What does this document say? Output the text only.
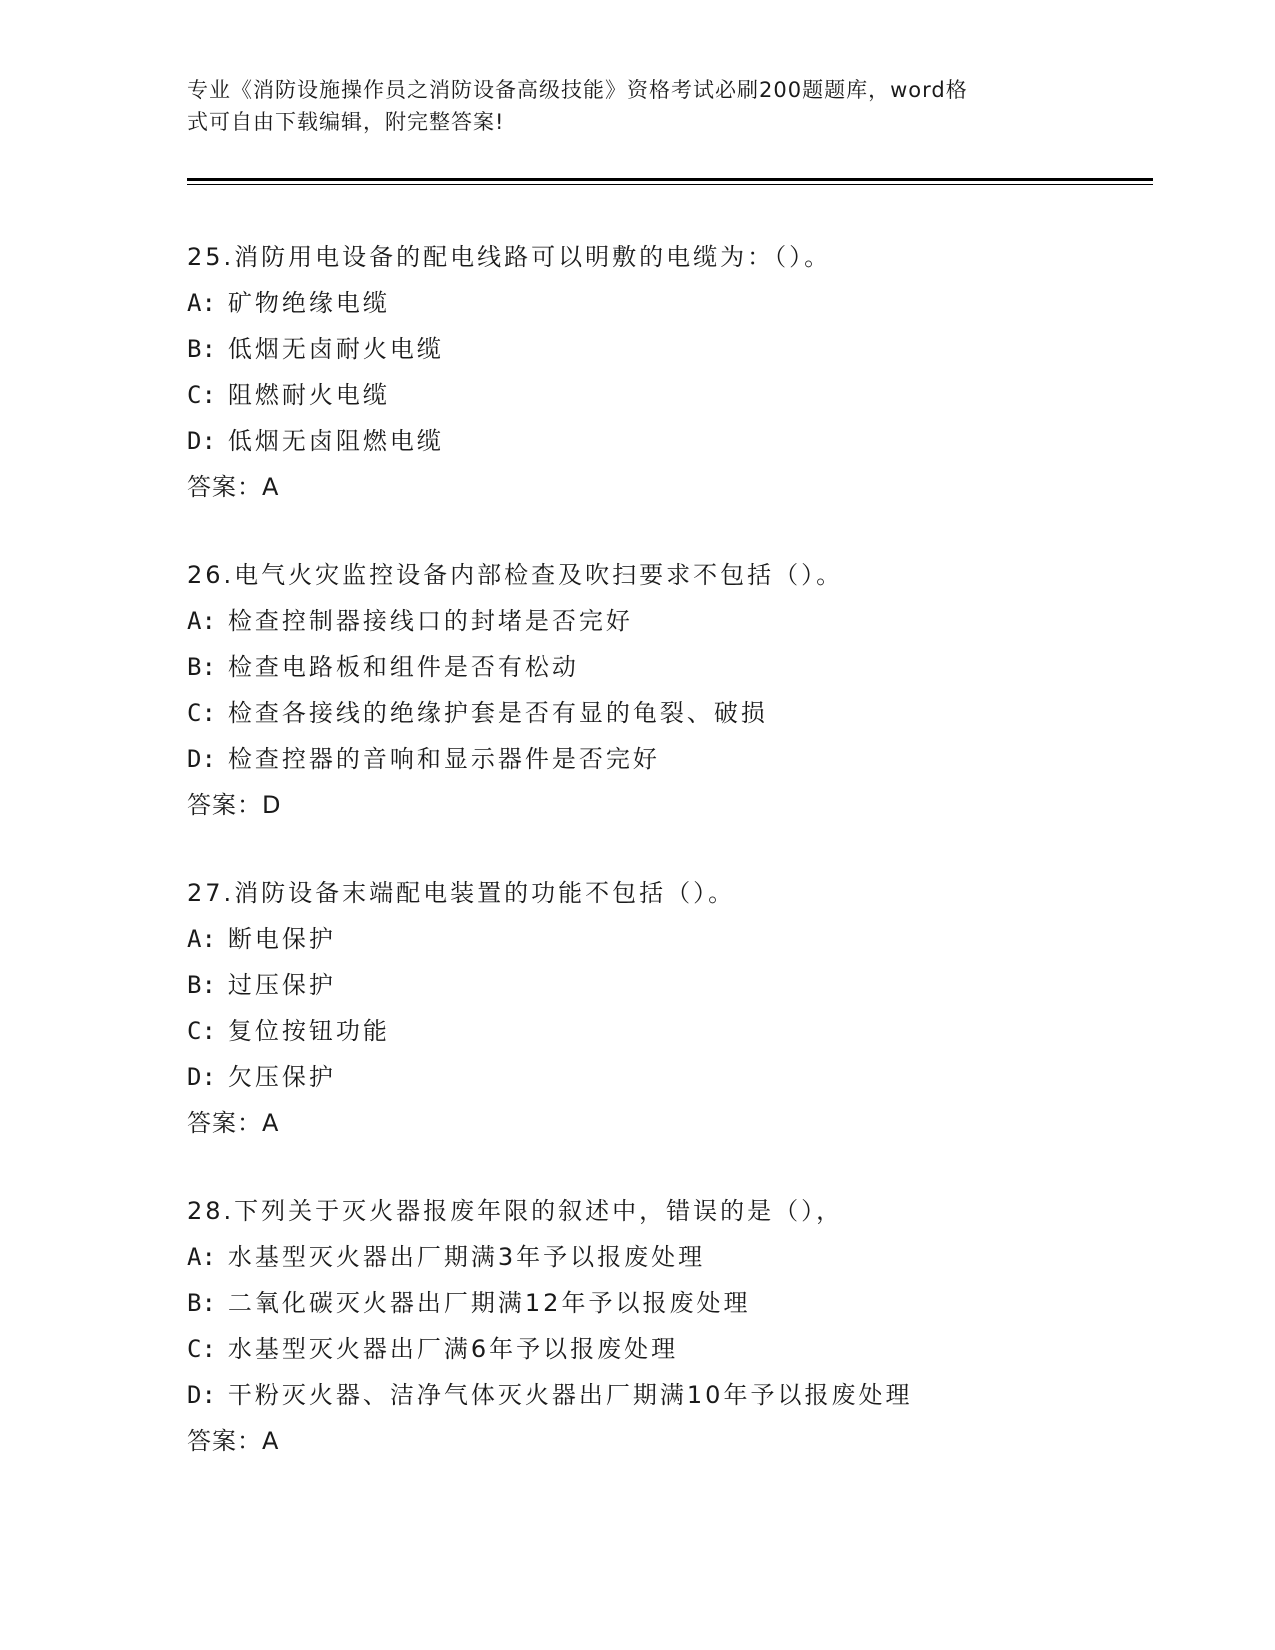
专业《消防设施操作员之消防设备高级技能》资格考试必刷200题题库，word格
式可自由下载编辑，附完整答案!
25.消防用电设备的配电线路可以明敷的电缆为：（）。
A: 矿物绝缘电缆
B: 低烟无卤耐火电缆
C: 阻燃耐火电缆
D: 低烟无卤阻燃电缆
答案：A
26.电气火灾监控设备内部检查及吹扫要求不包括（）。
A: 检查控制器接线口的封堵是否完好
B: 检查电路板和组件是否有松动
C: 检查各接线的绝缘护套是否有显的龟裂、破损
D: 检查控器的音响和显示器件是否完好
答案：D
27.消防设备末端配电装置的功能不包括（）。
A: 断电保护
B: 过压保护
C: 复位按钮功能
D: 欠压保护
答案：A
28.下列关于灭火器报废年限的叙述中，错误的是（），
A: 水基型灭火器出厂期满3年予以报废处理
B: 二氧化碳灭火器出厂期满12年予以报废处理
C: 水基型灭火器出厂满6年予以报废处理
D: 干粉灭火器、洁净气体灭火器出厂期满10年予以报废处理
答案：A
